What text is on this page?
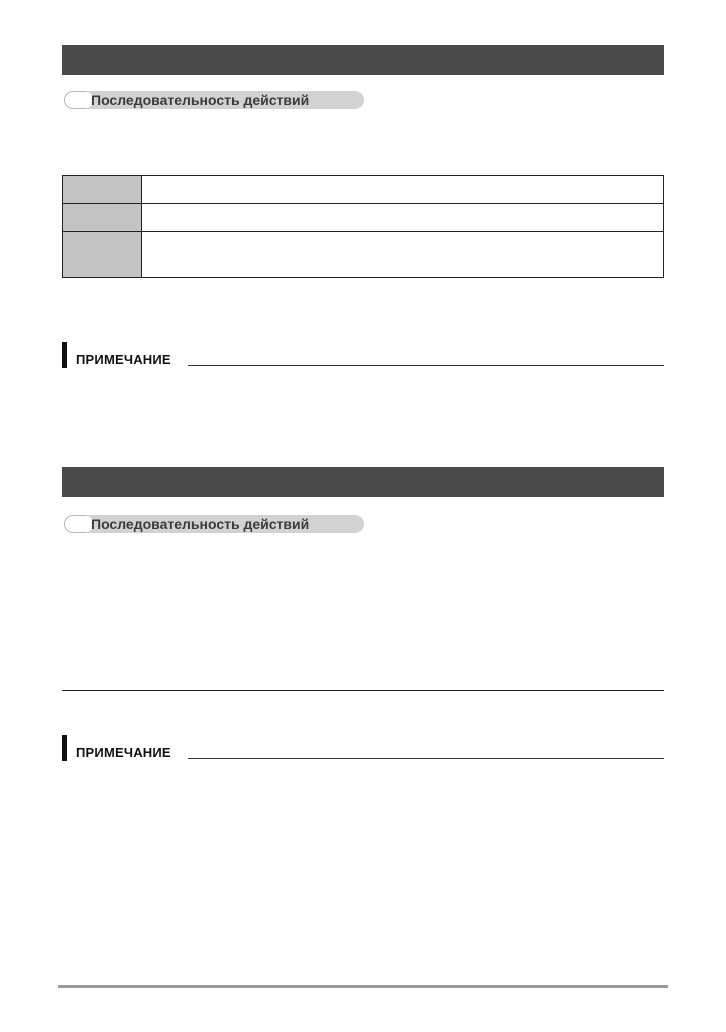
Последовательность действий

ПРИМЕЧАНИЕ
Последовательность действий
ПРИМЕЧАНИЕ
